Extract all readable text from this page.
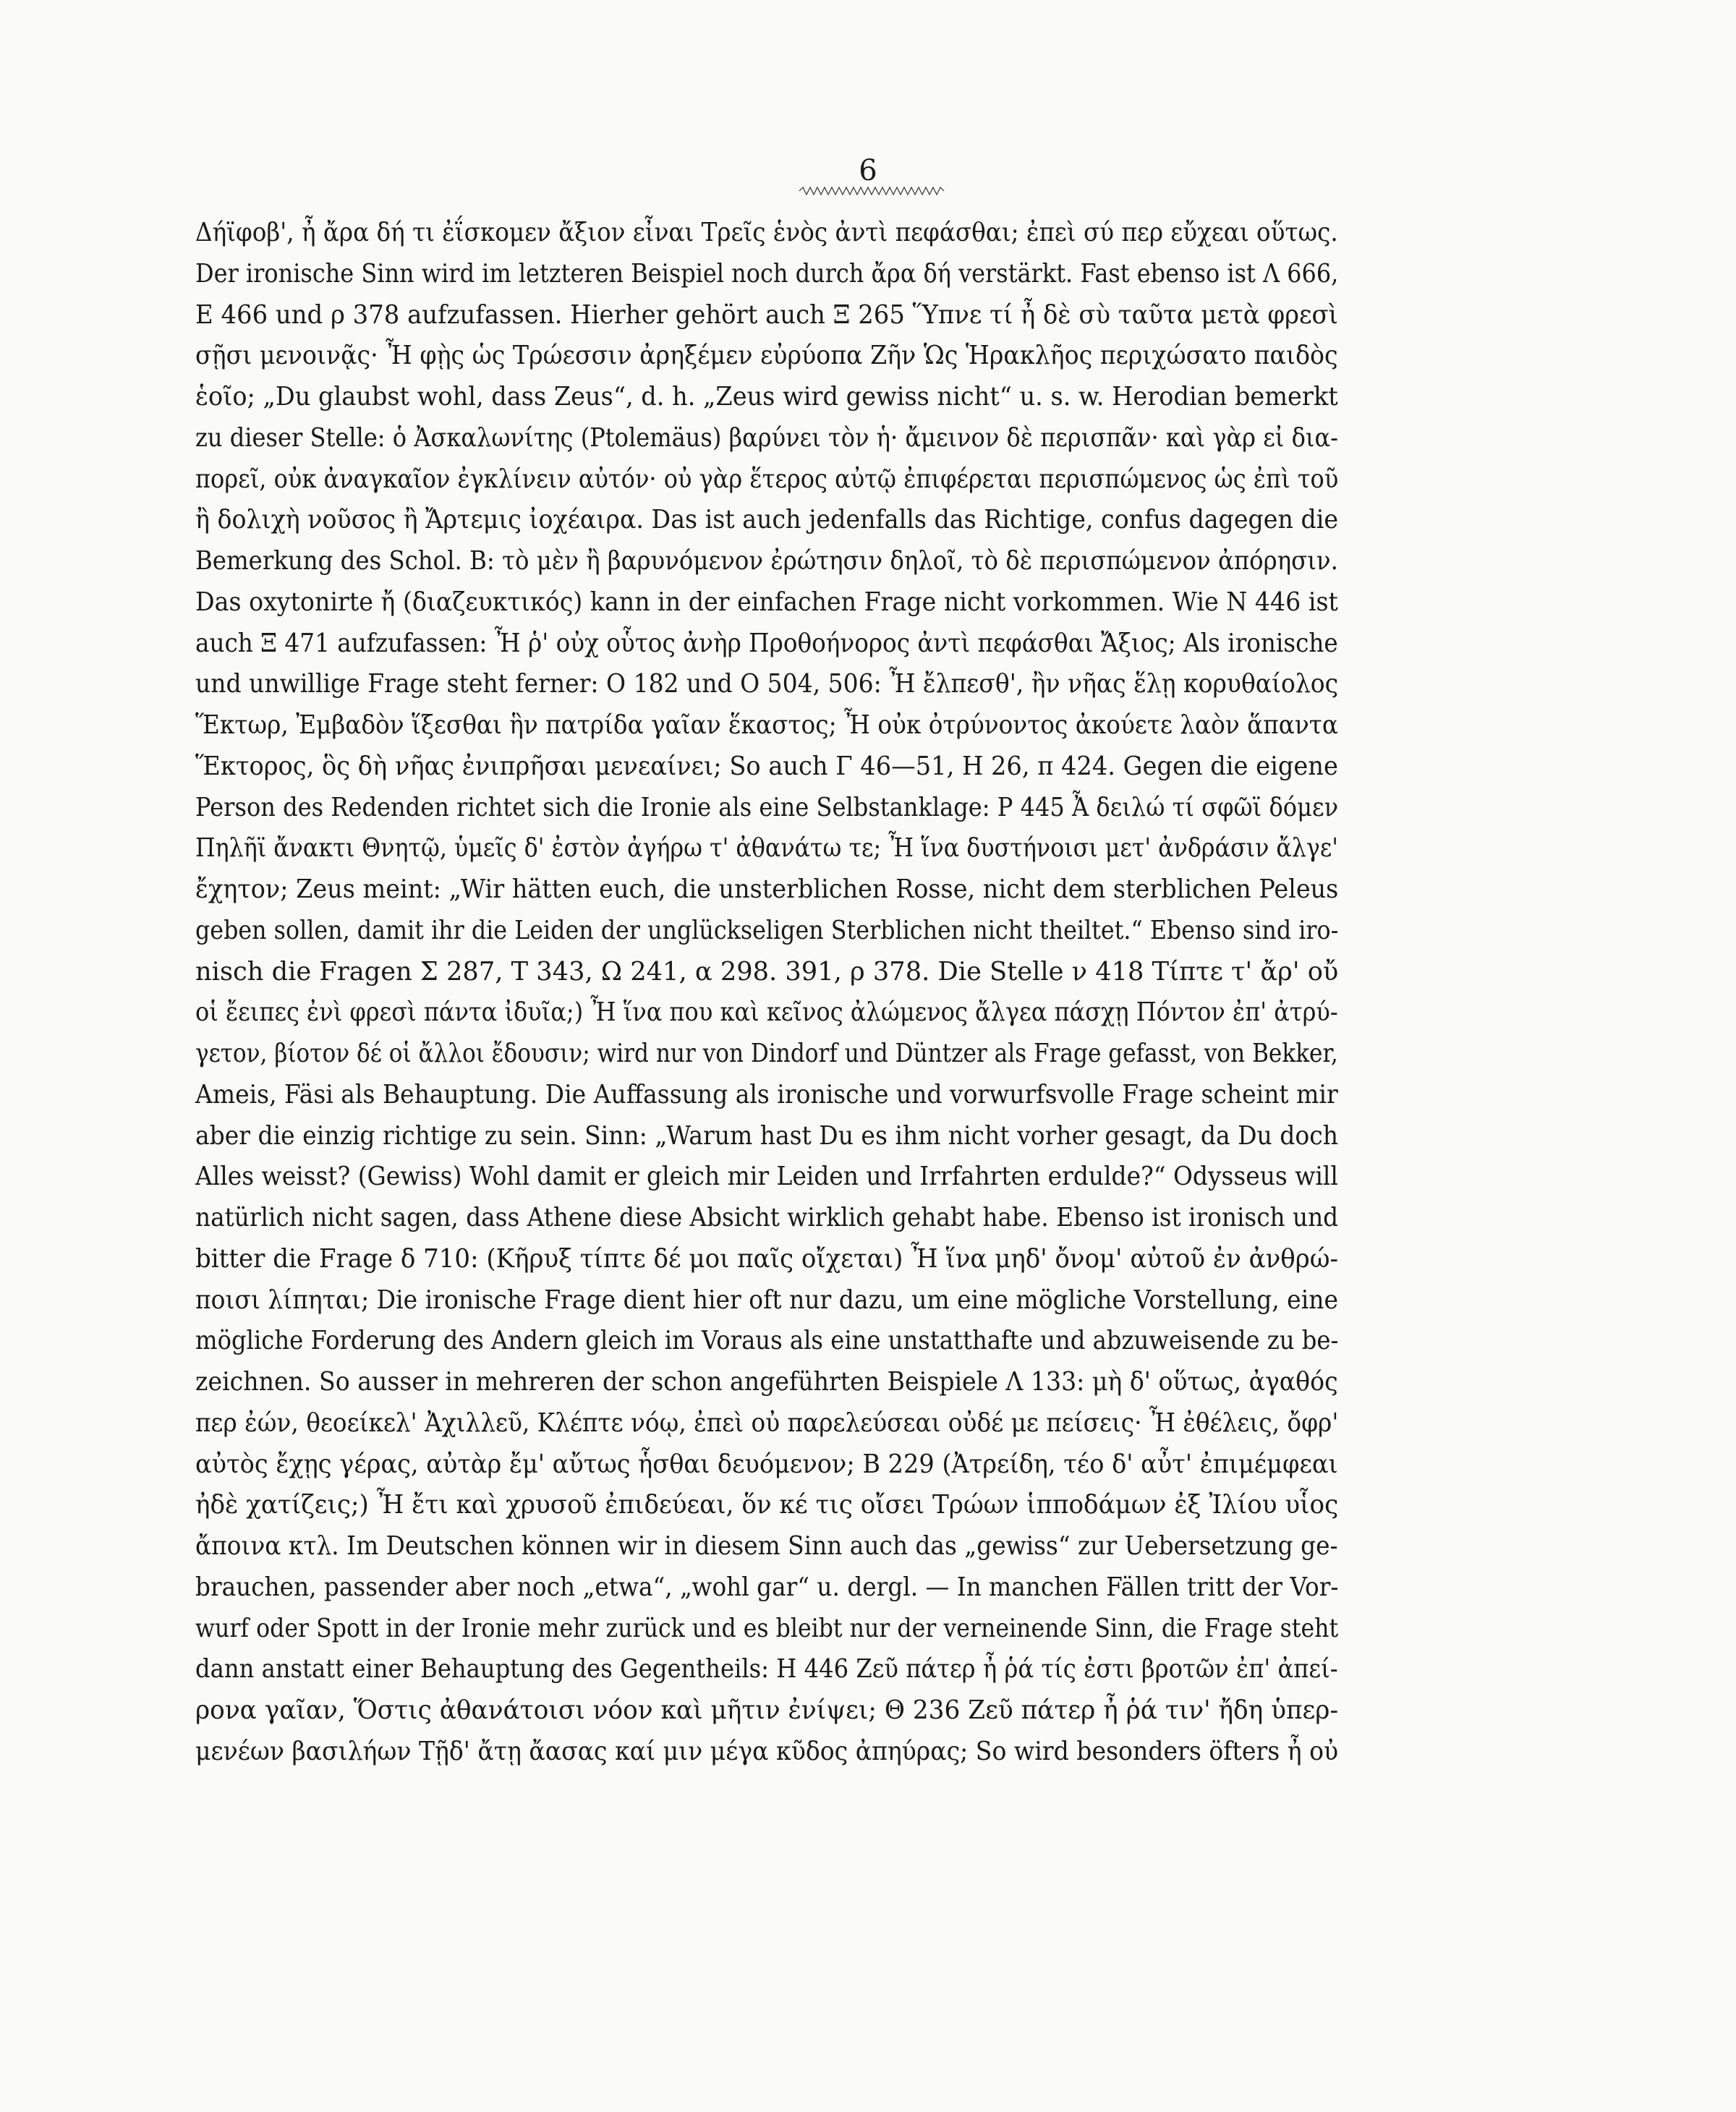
6
Δήϊφοβ', ἦ ἄρα δή τι ἐΐσκομεν ἄξιον εἶναι Τρεῖς ἑνὸς ἀντὶ πεφάσθαι; ἐπεὶ σύ περ εὔχεαι οὕτως.
Der ironische Sinn wird im letzteren Beispiel noch durch ἄρα δή verstärkt. Fast ebenso ist Λ 666,
E 466 und ρ 378 aufzufassen. Hierher gehört auch Ξ 265 Ὕπνε τί ἦ δὲ σὺ ταῦτα μετὰ φρεσὶ
σῇσι μενοινᾷς· Ἦ φῂς ὡς Τρώεσσιν ἀρηξέμεν εὐρύοπα Ζῆν Ὡς Ἡρακλῆος περιχώσατο παιδὸς
ἑοῖο; „Du glaubst wohl, dass Zeus“, d. h. „Zeus wird gewiss nicht“ u. s. w. Herodian bemerkt
zu dieser Stelle: ὁ Ἀσκαλωνίτης (Ptolemäus) βαρύνει τὸν ἡ· ἄμεινον δὲ περισπᾶν· καὶ γὰρ εἰ δια-
πορεῖ, οὐκ ἀναγκαῖον ἐγκλίνειν αὐτόν· οὐ γὰρ ἕτερος αὐτῷ ἐπιφέρεται περισπώμενος ὡς ἐπὶ τοῦ
ἢ δολιχὴ νοῦσος ἢ Ἄρτεμις ἰοχέαιρα. Das ist auch jedenfalls das Richtige, confus dagegen die
Bemerkung des Schol. B: τὸ μὲν ἢ βαρυνόμενον ἐρώτησιν δηλοῖ, τὸ δὲ περισπώμενον ἀπόρησιν.
Das oxytonirte ἤ (διαζευκτικός) kann in der einfachen Frage nicht vorkommen. Wie N 446 ist
auch Ξ 471 aufzufassen: Ἦ ῥ' οὐχ οὗτος ἀνὴρ Προθοήνορος ἀντὶ πεφάσθαι Ἄξιος; Als ironische
und unwillige Frage steht ferner: O 182 und O 504, 506: Ἦ ἔλπεσθ', ἢν νῆας ἕλῃ κορυθαίολος
Ἕκτωρ, Ἐμβαδὸν ἵξεσθαι ἣν πατρίδα γαῖαν ἕκαστος; Ἦ οὐκ ὀτρύνοντος ἀκούετε λαὸν ἅπαντα
Ἕκτορος, ὃς δὴ νῆας ἐνιπρῆσαι μενεαίνει; So auch Γ 46—51, H 26, π 424. Gegen die eigene
Person des Redenden richtet sich die Ironie als eine Selbstanklage: P 445 Ἆ δειλώ τί σφῶϊ δόμεν
Πηλῆϊ ἄνακτι Θνητῷ, ὑμεῖς δ' ἐστὸν ἀγήρω τ' ἀθανάτω τε; Ἦ ἵνα δυστήνοισι μετ' ἀνδράσιν ἄλγε'
ἔχητον; Zeus meint: „Wir hätten euch, die unsterblichen Rosse, nicht dem sterblichen Peleus
geben sollen, damit ihr die Leiden der unglückseligen Sterblichen nicht theiltet.“ Ebenso sind iro-
nisch die Fragen Σ 287, T 343, Ω 241, α 298. 391, ρ 378. Die Stelle ν 418 Τίπτε τ' ἄρ' οὔ
οἱ ἔειπες ἐνὶ φρεσὶ πάντα ἰδυῖα;) Ἦ ἵνα που καὶ κεῖνος ἀλώμενος ἄλγεα πάσχῃ Πόντον ἐπ' ἀτρύ-
γετον, βίοτον δέ οἱ ἄλλοι ἔδουσιν; wird nur von Dindorf und Düntzer als Frage gefasst, von Bekker,
Ameis, Fäsi als Behauptung. Die Auffassung als ironische und vorwurfsvolle Frage scheint mir
aber die einzig richtige zu sein. Sinn: „Warum hast Du es ihm nicht vorher gesagt, da Du doch
Alles weisst? (Gewiss) Wohl damit er gleich mir Leiden und Irrfahrten erdulde?“ Odysseus will
natürlich nicht sagen, dass Athene diese Absicht wirklich gehabt habe. Ebenso ist ironisch und
bitter die Frage δ 710: (Κῆρυξ τίπτε δέ μοι παῖς οἴχεται) Ἦ ἵνα μηδ' ὄνομ' αὐτοῦ ἐν ἀνθρώ-
ποισι λίπηται; Die ironische Frage dient hier oft nur dazu, um eine mögliche Vorstellung, eine
mögliche Forderung des Andern gleich im Voraus als eine unstatthafte und abzuweisende zu be-
zeichnen. So ausser in mehreren der schon angeführten Beispiele Λ 133: μὴ δ' οὕτως, ἀγαθός
περ ἐών, θεοείκελ' Ἀχιλλεῦ, Κλέπτε νόῳ, ἐπεὶ οὐ παρελεύσεαι οὐδέ με πείσεις· Ἦ ἐθέλεις, ὄφρ'
αὐτὸς ἔχῃς γέρας, αὐτὰρ ἔμ' αὔτως ἧσθαι δευόμενον; B 229 (Ἀτρείδη, τέο δ' αὖτ' ἐπιμέμφεαι
ἠδὲ χατίζεις;) Ἦ ἔτι καὶ χρυσοῦ ἐπιδεύεαι, ὅν κέ τις οἴσει Τρώων ἱπποδάμων ἐξ Ἰλίου υἷος
ἄποινα κτλ. Im Deutschen können wir in diesem Sinn auch das „gewiss“ zur Uebersetzung ge-
brauchen, passender aber noch „etwa“, „wohl gar“ u. dergl. — In manchen Fällen tritt der Vor-
wurf oder Spott in der Ironie mehr zurück und es bleibt nur der verneinende Sinn, die Frage steht
dann anstatt einer Behauptung des Gegentheils: H 446 Ζεῦ πάτερ ἦ ῥά τίς ἐστι βροτῶν ἐπ' ἀπεί-
ρονα γαῖαν, Ὅστις ἀθανάτοισι νόον καὶ μῆτιν ἐνίψει; Θ 236 Ζεῦ πάτερ ἦ ῥά τιν' ἤδη ὑπερ-
μενέων βασιλήων Τῇδ' ἄτῃ ἄασας καί μιν μέγα κῦδος ἀπηύρας; So wird besonders öfters ἦ οὐ
